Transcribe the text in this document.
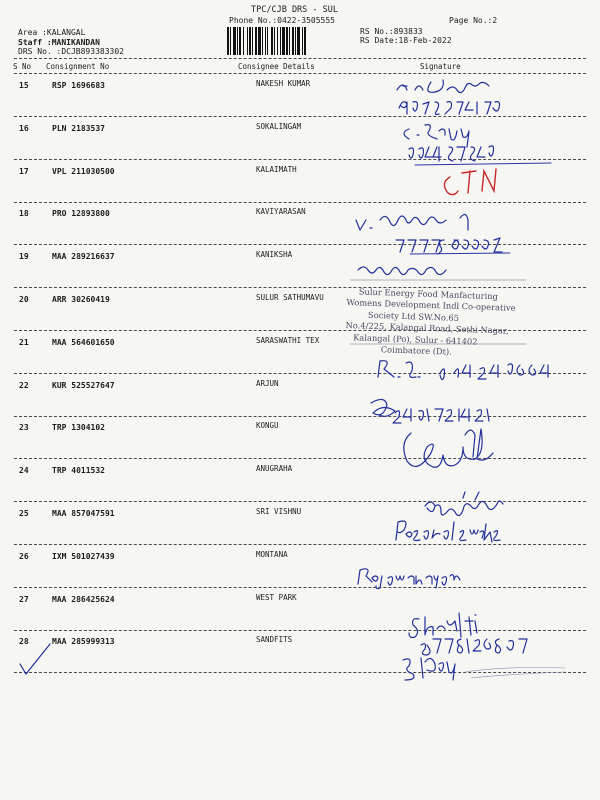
TPC/CJB DRS - SUL
Phone No.:0422-3505555
Area :KALANGAL
Staff :MANIKANDAN
DRS No. :DCJB893383302
RS No.:893833
RS Date:18-Feb-2022
Page No.:2
S No Consignment No	Consignee Details	Signature
15	RSP 1696683	NAKESH KUMAR
16	PLN 2183537	SOKALINGAM
17	VPL 211030500	KALAIMATH
18	PRO 12893800	KAVIYARASAN
19	MAA 289216637	KANIKSHA
20	ARR 30260419	SULUR SATHUMAVU
21	MAA 564601650	SARASWATHI TEX
22	KUR 525527647	ARJUN
23	TRP 1304102	KONGU
24	TRP 4011532	ANUGRAHA
25	MAA 857047591	SRI VISHNU
26	IXM 501027439	MONTANA
27	MAA 286425624	WEST PARK
28	MAA 285999313	SANDFITS
Sulur Energy Food Manfacturing
Womens Development Indl Co-operative
Society Ltd SW.No.65
No.4/225, Kalangal Road, Sethi Nagar,
Kalangal (Po), Sulur - 641402
Coimbatore (Dt).
